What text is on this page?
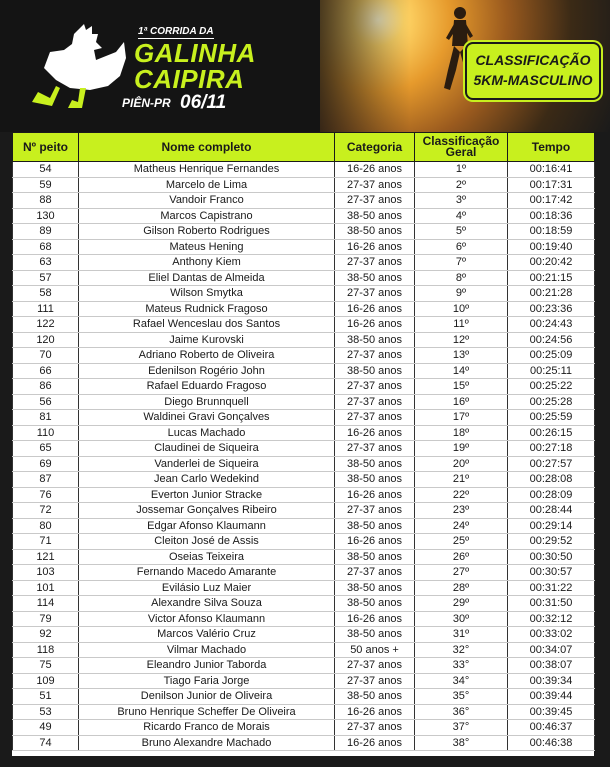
1ª CORRIDA DA
GALINHA
CAIPIRA
PIÊN-PR 06/11
CLASSIFICAÇÃO
5KM-MASCULINO
Nº peito	Nome completo	Categoria	Classificação Geral	Tempo
54	Matheus Henrique Fernandes	16-26 anos	1º	00:16:41
59	Marcelo de Lima	27-37 anos	2º	00:17:31
88	Vandoir Franco	27-37 anos	3º	00:17:42
130	Marcos Capistrano	38-50 anos	4º	00:18:36
89	Gilson Roberto Rodrigues	38-50 anos	5º	00:18:59
68	Mateus Hening	16-26 anos	6º	00:19:40
63	Anthony Kiem	27-37 anos	7º	00:20:42
57	Eliel Dantas de Almeida	38-50 anos	8º	00:21:15
58	Wilson Smytka	27-37 anos	9º	00:21:28
111	Mateus Rudnick Fragoso	16-26 anos	10º	00:23:36
122	Rafael Wenceslau dos Santos	16-26 anos	11º	00:24:43
120	Jaime Kurovski	38-50 anos	12º	00:24:56
70	Adriano Roberto de Oliveira	27-37 anos	13º	00:25:09
66	Edenilson Rogério John	38-50 anos	14º	00:25:11
86	Rafael Eduardo Fragoso	27-37 anos	15º	00:25:22
56	Diego Brunnquell	27-37 anos	16º	00:25:28
81	Waldinei Gravi Gonçalves	27-37 anos	17º	00:25:59
110	Lucas Machado	16-26 anos	18º	00:26:15
65	Claudinei de Siqueira	27-37 anos	19º	00:27:18
69	Vanderlei de Siqueira	38-50 anos	20º	00:27:57
87	Jean Carlo Wedekind	38-50 anos	21º	00:28:08
76	Everton Junior Stracke	16-26 anos	22º	00:28:09
72	Jossemar Gonçalves Ribeiro	27-37 anos	23º	00:28:44
80	Edgar Afonso Klaumann	38-50 anos	24º	00:29:14
71	Cleiton José de Assis	16-26 anos	25º	00:29:52
121	Oseias Teixeira	38-50 anos	26º	00:30:50
103	Fernando Macedo Amarante	27-37 anos	27º	00:30:57
101	Evilásio Luz Maier	38-50 anos	28º	00:31:22
114	Alexandre Silva Souza	38-50 anos	29º	00:31:50
79	Victor Afonso Klaumann	16-26 anos	30º	00:32:12
92	Marcos Valério Cruz	38-50 anos	31º	00:33:02
118	Vilmar Machado	50 anos +	32°	00:34:07
75	Eleandro Junior Taborda	27-37 anos	33°	00:38:07
109	Tiago Faria Jorge	27-37 anos	34°	00:39:34
51	Denilson Junior de Oliveira	38-50 anos	35°	00:39:44
53	Bruno Henrique Scheffer De Oliveira	16-26 anos	36°	00:39:45
49	Ricardo Franco de Morais	27-37 anos	37°	00:46:37
74	Bruno Alexandre Machado	16-26 anos	38°	00:46:38
